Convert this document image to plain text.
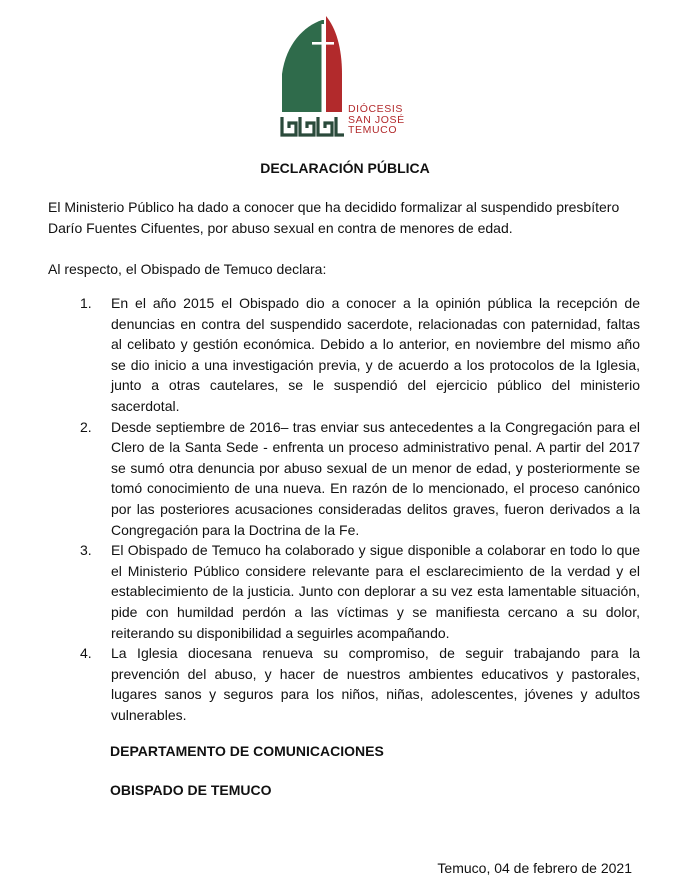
DIÓCESIS
SAN JOSÉ
TEMUCO
DECLARACIÓN PÚBLICA
El Ministerio Público ha dado a conocer que ha decidido formalizar al suspendido presbítero Darío Fuentes Cifuentes, por abuso sexual en contra de menores de edad.
Al respecto, el Obispado de Temuco declara:
1. En el año 2015 el Obispado dio a conocer a la opinión pública la recepción de denuncias en contra del suspendido sacerdote, relacionadas con paternidad, faltas al celibato y gestión económica. Debido a lo anterior, en noviembre del mismo año se dio inicio a una investigación previa, y de acuerdo a los protocolos de la Iglesia, junto a otras cautelares, se le suspendió del ejercicio público del ministerio sacerdotal.
2. Desde septiembre de 2016– tras enviar sus antecedentes a la Congregación para el Clero de la Santa Sede - enfrenta un proceso administrativo penal. A partir del 2017 se sumó otra denuncia por abuso sexual de un menor de edad, y posteriormente se tomó conocimiento de una nueva. En razón de lo mencionado, el proceso canónico por las posteriores acusaciones consideradas delitos graves, fueron derivados a la Congregación para la Doctrina de la Fe.
3. El Obispado de Temuco ha colaborado y sigue disponible a colaborar en todo lo que el Ministerio Público considere relevante para el esclarecimiento de la verdad y el establecimiento de la justicia. Junto con deplorar a su vez esta lamentable situación, pide con humildad perdón a las víctimas y se manifiesta cercano a su dolor, reiterando su disponibilidad a seguirles acompañando.
4. La Iglesia diocesana renueva su compromiso, de seguir trabajando para la prevención del abuso, y hacer de nuestros ambientes educativos y pastorales, lugares sanos y seguros para los niños, niñas, adolescentes, jóvenes y adultos vulnerables.
DEPARTAMENTO DE COMUNICACIONES
OBISPADO DE TEMUCO
Temuco, 04 de febrero de 2021
